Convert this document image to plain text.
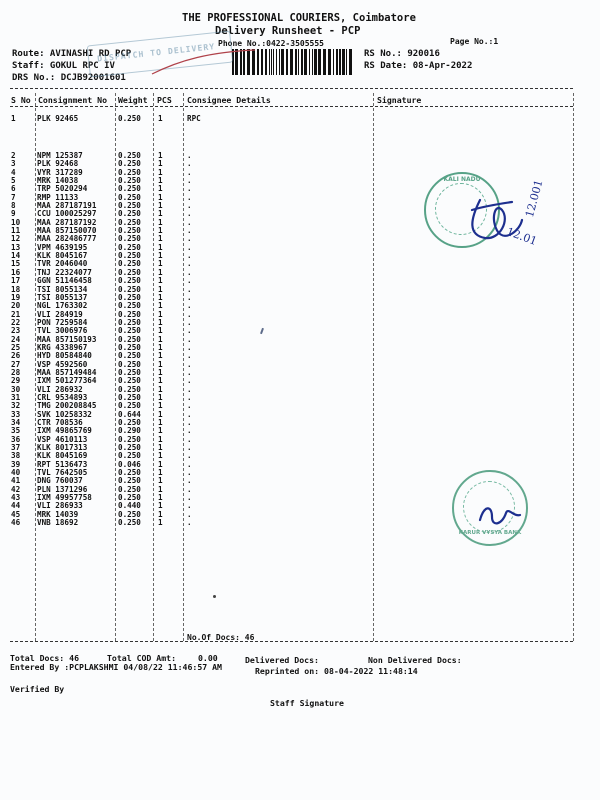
THE PROFESSIONAL COURIERS, Coimbatore
Delivery Runsheet - PCP
Phone No.:0422-3505555	Page No.:1
Route: AVINASHI RD PCP
Staff: GOKUL RPC IV
DRS No.: DCJB92001601
RS No.: 920016
RS Date: 08-Apr-2022
DISPATCH TO DELIVERY
S No Consignment No Weight PCS Consignee Details	Signature
1	PLK 92465	0.250 1	RPC
2	NPM 125387	0.250 1	.
3	PLK 92468	0.250 1	.
4	VYR 317289	0.250 1	.
5	MRK 14038	0.250 1	.
6	TRP 5020294	0.250 1	.
7	RMP 11133	0.250 1	.
8	MAA 287187191	0.250 1	.
9	CCU 100025297	0.250 1	.
10 MAA 287187192	0.250 1	.
11 MAA 857150070	0.250 1	.
12 MAA 282486777	0.250 1	.
13 VPM 4639195	0.250 1	.
14 KLK 8045167	0.250 1	.
15 TVR 2046040	0.250 1	.
16 TNJ 22324077	0.250 1	.
17 GGN 51146458	0.250 1	.
18 TSI 8055134	0.250 1	.
19 TSI 8055137	0.250 1	.
20 NGL 1763302	0.250 1	.
21 VLI 284919	0.250 1	.
22 PON 7259584	0.250 1	.
23 TVL 3006976	0.250 1	.
24 MAA 857150193	0.250 1	.
25 KRG 4338967	0.250 1	.
26 HYD 80584840	0.250 1	.
27 VSP 4592560	0.250 1	.
28 MAA 857149484	0.250 1	.
29 IXM 501277364	0.250 1	.
30 VLI 286932	0.250 1	.
31 CRL 9534893	0.250 1	.
32 TMG 200208845	0.250 1	.
33 SVK 10258332	0.644 1	.
34 CTR 708536	0.250 1	.
35 IXM 49865769	0.290 1	.
36 VSP 4610113	0.250 1	.
37 KLK 8017313	0.250 1	.
38 KLK 8045169	0.250 1	.
39 RPT 5136473	0.046 1	.
40 TVL 7642505	0.250 1	.
41 DNG 760037	0.250 1	.
42 PLN 1371296	0.250 1	.
43 IXM 49957758	0.250 1	.
44 VLI 286933	0.440 1	.
45 MRK 14039	0.250 1	.
46 VNB 18692	0.250 1	.
No.Of Docs: 46
Total Docs: 46	Total COD Amt:	0.00	Delivered Docs:	Non Delivered Docs:
Entered By :PCPLAKSHMI 04/08/22 11:46:57 AM	Reprinted on: 08-04-2022 11:48:14
Verified By
Staff Signature
KALI NADU
KARUR VYSYA BANK
12.001
12.01
